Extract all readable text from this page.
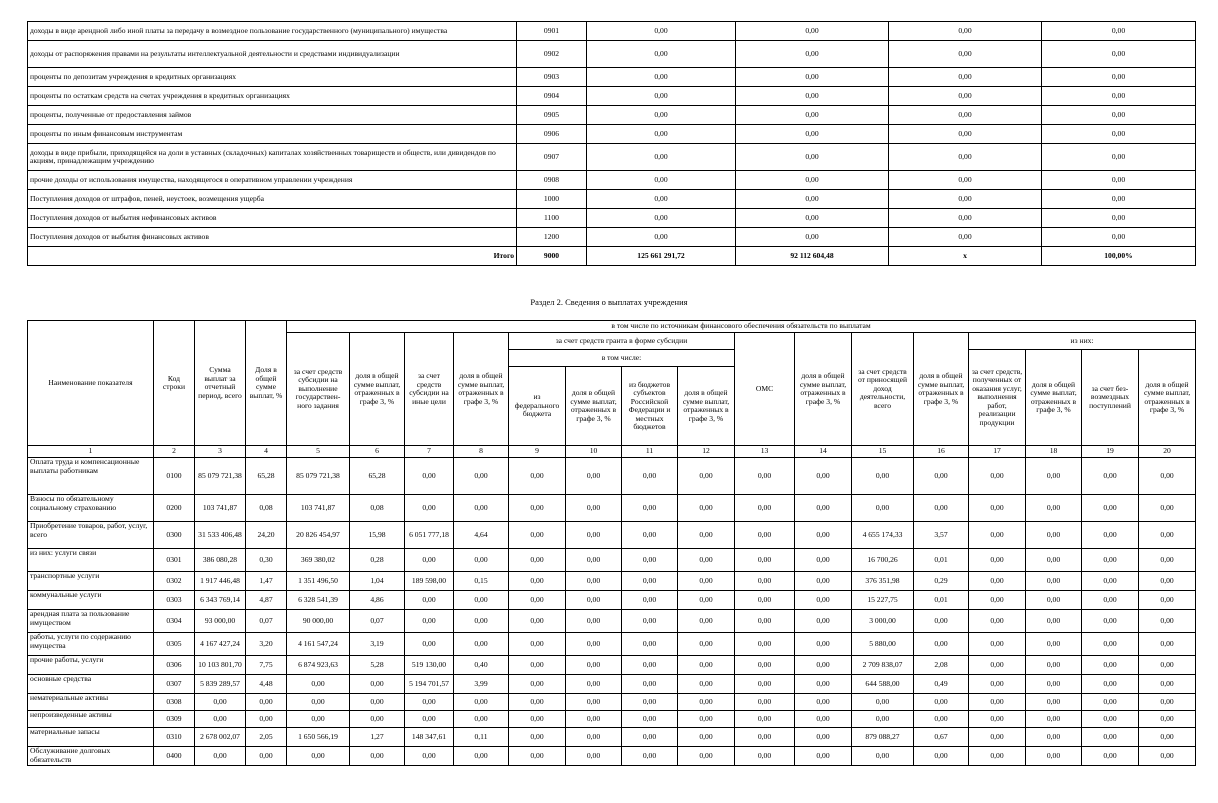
доходы в виде арендной либо иной платы за передачу в возмездное пользование государственного (муниципального) имущества	0901	0,00	0,00	0,00	0,00
доходы от распоряжения правами на результаты интеллектуальной деятельности и средствами индивидуализации	0902	0,00	0,00	0,00	0,00
проценты по депозитам учреждения в кредитных организациях	0903	0,00	0,00	0,00	0,00
проценты по остаткам средств на счетах учреждения в кредитных организациях	0904	0,00	0,00	0,00	0,00
проценты, полученные от предоставления займов	0905	0,00	0,00	0,00	0,00
проценты по иным финансовым инструментам	0906	0,00	0,00	0,00	0,00
доходы в виде прибыли, приходящейся на доли в уставных (складочных) капиталах хозяйственных товариществ и обществ, или дивидендов по акциям, принадлежащим учреждению	0907	0,00	0,00	0,00	0,00
прочие доходы от использования имущества, находящегося в оперативном управлении учреждения	0908	0,00	0,00	0,00	0,00
Поступления доходов от штрафов, пеней, неустоек, возмещения ущерба	1000	0,00	0,00	0,00	0,00
Поступления доходов от выбытия нефинансовых активов	1100	0,00	0,00	0,00	0,00
Поступления доходов от выбытия финансовых активов	1200	0,00	0,00	0,00	0,00
Итого	9000	125 661 291,72	92 112 604,48	х	100,00%
Раздел 2. Сведения о выплатах учреждения
Наименование показателя	Код строки	Сумма выплат за отчетный период, всего	Доля в общей сумме выплат, %	в том числе по источникам финансового обеспечения обязательств по выплатам															
				за счет средств субсидии на выполнение государствен-ного задания	доля в общей сумме выплат, отраженных в графе 3, %	за счет средств субсидии на иные цели	доля в общей сумме выплат, отраженных в графе 3, %	за счет средств гранта в форме субсидии				ОМС	доля в общей сумме выплат, отраженных в графе 3, %	за счет средств от приносящей доход деятельности, всего	доля в общей сумме выплат, отраженных в графе 3, %	из них:			
								в том числе:								за счет средств, полученных от оказания услуг, выполнения работ, реализации продукции	доля в общей сумме выплат, отраженных в графе 3, %	за счет без-возмездных поступлений	доля в общей сумме выплат, отраженных в графе 3, %
								из федерального бюджета	доля в общей сумме выплат, отраженных в графе 3, %	из бюджетов субъектов Российской Федерации и местных бюджетов	доля в общей сумме выплат, отраженных в графе 3, %								
1	2	3	4	5	6	7	8	9	10	11	12	13	14	15	16	17	18	19	20
Оплата труда и компенсационные выплаты работникам	0100	85 079 721,38	65,28	85 079 721,38	65,28	0,00	0,00	0,00	0,00	0,00	0,00	0,00	0,00	0,00	0,00	0,00	0,00	0,00	0,00
Взносы по обязательному социальному страхованию	0200	103 741,87	0,08	103 741,87	0,08	0,00	0,00	0,00	0,00	0,00	0,00	0,00	0,00	0,00	0,00	0,00	0,00	0,00	0,00
Приобретение товаров, работ, услуг, всего	0300	31 533 406,48	24,20	20 826 454,97	15,98	6 051 777,18	4,64	0,00	0,00	0,00	0,00	0,00	0,00	4 655 174,33	3,57	0,00	0,00	0,00	0,00
из них: услуги связи	0301	386 080,28	0,30	369 380,02	0,28	0,00	0,00	0,00	0,00	0,00	0,00	0,00	0,00	16 700,26	0,01	0,00	0,00	0,00	0,00
транспортные услуги	0302	1 917 446,48	1,47	1 351 496,50	1,04	189 598,00	0,15	0,00	0,00	0,00	0,00	0,00	0,00	376 351,98	0,29	0,00	0,00	0,00	0,00
коммунальные услуги	0303	6 343 769,14	4,87	6 328 541,39	4,86	0,00	0,00	0,00	0,00	0,00	0,00	0,00	0,00	15 227,75	0,01	0,00	0,00	0,00	0,00
арендная плата за пользование имуществом	0304	93 000,00	0,07	90 000,00	0,07	0,00	0,00	0,00	0,00	0,00	0,00	0,00	0,00	3 000,00	0,00	0,00	0,00	0,00	0,00
работы, услуги по содержанию имущества	0305	4 167 427,24	3,20	4 161 547,24	3,19	0,00	0,00	0,00	0,00	0,00	0,00	0,00	0,00	5 880,00	0,00	0,00	0,00	0,00	0,00
прочие работы, услуги	0306	10 103 801,70	7,75	6 874 923,63	5,28	519 130,00	0,40	0,00	0,00	0,00	0,00	0,00	0,00	2 709 838,07	2,08	0,00	0,00	0,00	0,00
основные средства	0307	5 839 289,57	4,48	0,00	0,00	5 194 701,57	3,99	0,00	0,00	0,00	0,00	0,00	0,00	644 588,00	0,49	0,00	0,00	0,00	0,00
нематериальные активы	0308	0,00	0,00	0,00	0,00	0,00	0,00	0,00	0,00	0,00	0,00	0,00	0,00	0,00	0,00	0,00	0,00	0,00	0,00
непроизведенные активы	0309	0,00	0,00	0,00	0,00	0,00	0,00	0,00	0,00	0,00	0,00	0,00	0,00	0,00	0,00	0,00	0,00	0,00	0,00
материальные запасы	0310	2 678 002,07	2,05	1 650 566,19	1,27	148 347,61	0,11	0,00	0,00	0,00	0,00	0,00	0,00	879 088,27	0,67	0,00	0,00	0,00	0,00
Обслуживание долговых обязательств	0400	0,00	0,00	0,00	0,00	0,00	0,00	0,00	0,00	0,00	0,00	0,00	0,00	0,00	0,00	0,00	0,00	0,00	0,00
